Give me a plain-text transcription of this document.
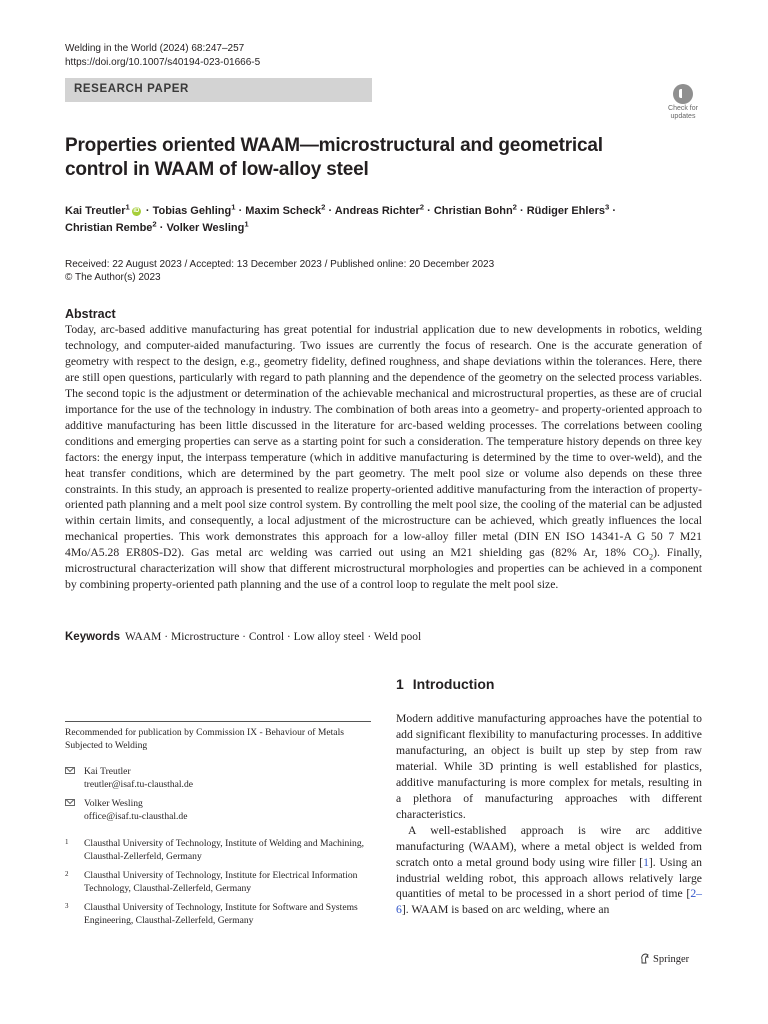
Welding in the World (2024) 68:247–257
https://doi.org/10.1007/s40194-023-01666-5
RESEARCH PAPER
Check for updates
Properties oriented WAAM—microstructural and geometrical control in WAAM of low-alloy steel
Kai Treutler$^1$ iD · Tobias Gehling$^1$ · Maxim Scheck$^2$ · Andreas Richter$^2$ · Christian Bohn$^2$ · Rüdiger Ehlers$^3$ ·
Christian Rembe$^2$ · Volker Wesling$^1$
Received: 22 August 2023 / Accepted: 13 December 2023 / Published online: 20 December 2023
© The Author(s) 2023
Abstract
Today, arc-based additive manufacturing has great potential for industrial application due to new developments in robotics, welding technology, and computer-aided manufacturing. Two issues are currently the focus of research. One is the accurate generation of geometry with respect to the design, e.g., geometry fidelity, defined roughness, and shape deviations within the tolerances. Here, there are still open questions, particularly with regard to path planning and the dependence of the geometry on the selected process variables. The second topic is the adjustment or determination of the achievable mechanical and microstructural properties, as these are of crucial importance for the use of the technology in industry. The combination of both areas into a geometry- and property-oriented approach to additive manufacturing has been little discussed in the literature for arc-based welding processes. The correlations between cooling conditions and emerging properties can serve as a starting point for such a consideration. The temperature history depends on three key factors: the energy input, the interpass temperature (which in additive manufacturing is determined by the time to over-weld), and the heat transfer conditions, which are determined by the part geometry. The melt pool size or volume also depends on these three constraints. In this study, an approach is presented to realize property-oriented additive manufacturing from the interaction of property-oriented path planning and a melt pool size control system. By controlling the melt pool size, the cooling of the material can be adjusted within certain limits, and consequently, a local adjustment of the microstructure can be achieved, which greatly influences the local mechanical properties. This work demonstrates this approach for a low-alloy filler metal (DIN EN ISO 14341-A G 50 7 M21 4Mo/A5.28 ER80S-D2). Gas metal arc welding was carried out using an M21 shielding gas (82% Ar, 18% $CO_2$). Finally, microstructural characterization will show that different microstructural morphologies and properties can be achieved in a component by combining property-oriented path planning and the use of a control loop to regulate the melt pool size.
Keywords WAAM · Microstructure · Control · Low alloy steel · Weld pool
1 Introduction

Modern additive manufacturing approaches have the potential to add significant flexibility to manufacturing processes. In additive manufacturing, an object is built up step by step from raw material. While 3D printing is well established for plastics, additive manufacturing is more complex for metals, resulting in a plethora of manufacturing approaches with different characteristics.

A well-established approach is wire arc additive manufacturing (WAAM), where a metal object is welded from scratch onto a metal ground body using wire filler [1]. Using an industrial welding robot, this approach allows relatively large quantities of metal to be processed in a short period of time [2–6]. WAAM is based on arc welding, where an

Recommended for publication by Commission IX - Behaviour of Metals Subjected to Welding
Kai Treutler
treutler@isaf.tu-clausthal.de
Volker Wesling
office@isaf.tu-clausthal.de
1 Clausthal University of Technology, Institute of Welding and Machining, Clausthal-Zellerfeld, Germany
2 Clausthal University of Technology, Institute for Electrical Information Technology, Clausthal-Zellerfeld, Germany
3 Clausthal University of Technology, Institute for Software and Systems Engineering, Clausthal-Zellerfeld, Germany
Springer
